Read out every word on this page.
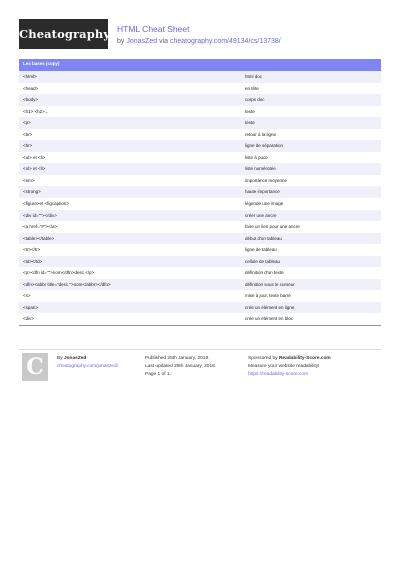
Cheatography HTML Cheat Sheet
by JonasZed via cheatography.com/49134/cs/13738/
Les bases (copy)
<html>	html doc
<head>	en tête
<body>	corps doc
<h1> <h2>...	texte
<p>	texte
<br>	retour à la ligne
<hr>	ligne de séparation
<ul> et <li>	liste à puce
<ol> et <li>	liste numérotée
<em>	importance moyenne
<strong>	haute importance
<figure>et <figcaption>	légende une image
<div id=""></div>	créer une ancre
<a href="#"></a>	faire un lien pour une ancre
<table></table>	début d'un tableau
<tr></tr>	ligne de tableau
<td></td>	cellule de tableau
<p><dfn id="">nom</dfn>desc.</p>	définition d'un texte
<dfn><abbr title="desc.">nom</abbr></dfn>	définition sous le curseur
<s>	mise à jour, texte barré
<span>	crée un élément en ligne
<div>	crée un élément en bloc
C	By JonasZed
cheatography.com/jonaszed/
Published 25th January, 2018.
Last updated 25th January, 2018.
Page 1 of 1.
Sponsored by Readability-Score.com
Measure your website readability!
https://readability-score.com
